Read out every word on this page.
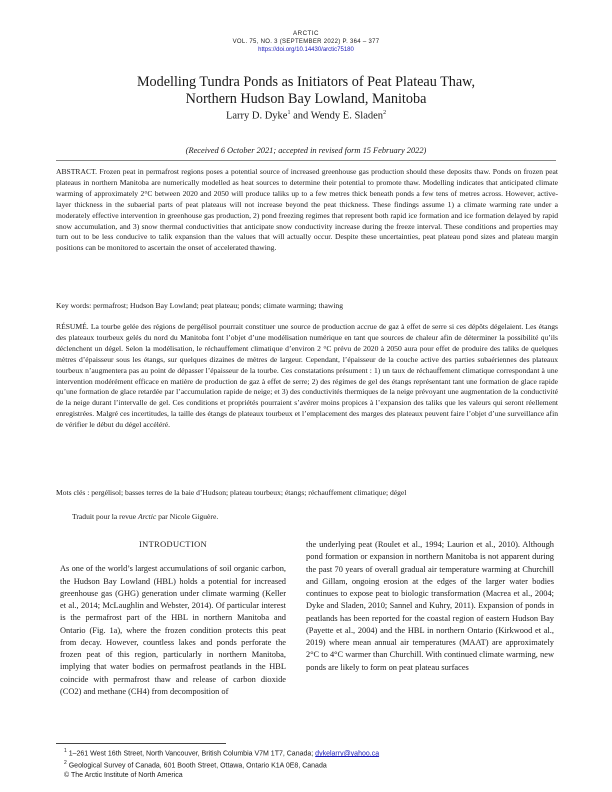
ARCTIC
VOL. 75, NO. 3 (SEPTEMBER 2022) P. 364 – 377
https://doi.org/10.14430/arctic75180
Modelling Tundra Ponds as Initiators of Peat Plateau Thaw,
Northern Hudson Bay Lowland, Manitoba
Larry D. Dyke$^1$ and Wendy E. Sladen$^2$
(Received 6 October 2021; accepted in revised form 15 February 2022)
ABSTRACT. Frozen peat in permafrost regions poses a potential source of increased greenhouse gas production should these deposits thaw. Ponds on frozen peat plateaus in northern Manitoba are numerically modelled as heat sources to determine their potential to promote thaw. Modelling indicates that anticipated climate warming of approximately 2°C between 2020 and 2050 will produce taliks up to a few metres thick beneath ponds a few tens of metres across. However, active-layer thickness in the subaerial parts of peat plateaus will not increase beyond the peat thickness. These findings assume 1) a climate warming rate under a moderately effective intervention in greenhouse gas production, 2) pond freezing regimes that represent both rapid ice formation and ice formation delayed by rapid snow accumulation, and 3) snow thermal conductivities that anticipate snow conductivity increase during the freeze interval. These conditions and properties may turn out to be less conducive to talik expansion than the values that will actually occur. Despite these uncertainties, peat plateau pond sizes and plateau margin positions can be monitored to ascertain the onset of accelerated thawing.
Key words: permafrost; Hudson Bay Lowland; peat plateau; ponds; climate warming; thawing
RÉSUMÉ. La tourbe gelée des régions de pergélisol pourrait constituer une source de production accrue de gaz à effet de serre si ces dépôts dégelaient. Les étangs des plateaux tourbeux gelés du nord du Manitoba font l’objet d’une modélisation numérique en tant que sources de chaleur afin de déterminer la possibilité qu’ils déclenchent un dégel. Selon la modélisation, le réchauffement climatique d’environ 2 °C prévu de 2020 à 2050 aura pour effet de produire des taliks de quelques mètres d’épaisseur sous les étangs, sur quelques dizaines de mètres de largeur. Cependant, l’épaisseur de la couche active des parties subaériennes des plateaux tourbeux n’augmentera pas au point de dépasser l’épaisseur de la tourbe. Ces constatations présument : 1) un taux de réchauffement climatique correspondant à une intervention modérément efficace en matière de production de gaz à effet de serre; 2) des régimes de gel des étangs représentant tant une formation de glace rapide qu’une formation de glace retardée par l’accumulation rapide de neige; et 3) des conductivités thermiques de la neige prévoyant une augmentation de la conductivité de la neige durant l’intervalle de gel. Ces conditions et propriétés pourraient s’avérer moins propices à l’expansion des taliks que les valeurs qui seront réellement enregistrées. Malgré ces incertitudes, la taille des étangs de plateaux tourbeux et l’emplacement des marges des plateaux peuvent faire l’objet d’une surveillance afin de vérifier le début du dégel accéléré.
Mots clés : pergélisol; basses terres de la baie d’Hudson; plateau tourbeux; étangs; réchauffement climatique; dégel
Traduit pour la revue Arctic par Nicole Giguère.
INTRODUCTION

As one of the world’s largest accumulations of soil organic carbon, the Hudson Bay Lowland (HBL) holds a potential for increased greenhouse gas (GHG) generation under climate warming (Keller et al., 2014; McLaughlin and Webster, 2014). Of particular interest is the permafrost part of the HBL in northern Manitoba and Ontario (Fig. 1a), where the frozen condition protects this peat from decay. However, countless lakes and ponds perforate the frozen peat of this region, particularly in northern Manitoba, implying that water bodies on permafrost peatlands in the HBL coincide with permafrost thaw and release of carbon dioxide (CO2) and methane (CH4) from decomposition of

the underlying peat (Roulet et al., 1994; Laurion et al., 2010). Although pond formation or expansion in northern Manitoba is not apparent during the past 70 years of overall gradual air temperature warming at Churchill and Gillam, ongoing erosion at the edges of the larger water bodies continues to expose peat to biologic transformation (Macrea et al., 2004; Dyke and Sladen, 2010; Sannel and Kuhry, 2011). Expansion of ponds in peatlands has been reported for the coastal region of eastern Hudson Bay (Payette et al., 2004) and the HBL in northern Ontario (Kirkwood et al., 2019) where mean annual air temperatures (MAAT) are approximately 2°C to 4°C warmer than Churchill. With continued climate warming, new ponds are likely to form on peat plateau surfaces

$^1$ 1–261 West 16th Street, North Vancouver, British Columbia V7M 1T7, Canada; dykelarry@yahoo.ca
$^2$ Geological Survey of Canada, 601 Booth Street, Ottawa, Ontario K1A 0E8, Canada
© The Arctic Institute of North America
